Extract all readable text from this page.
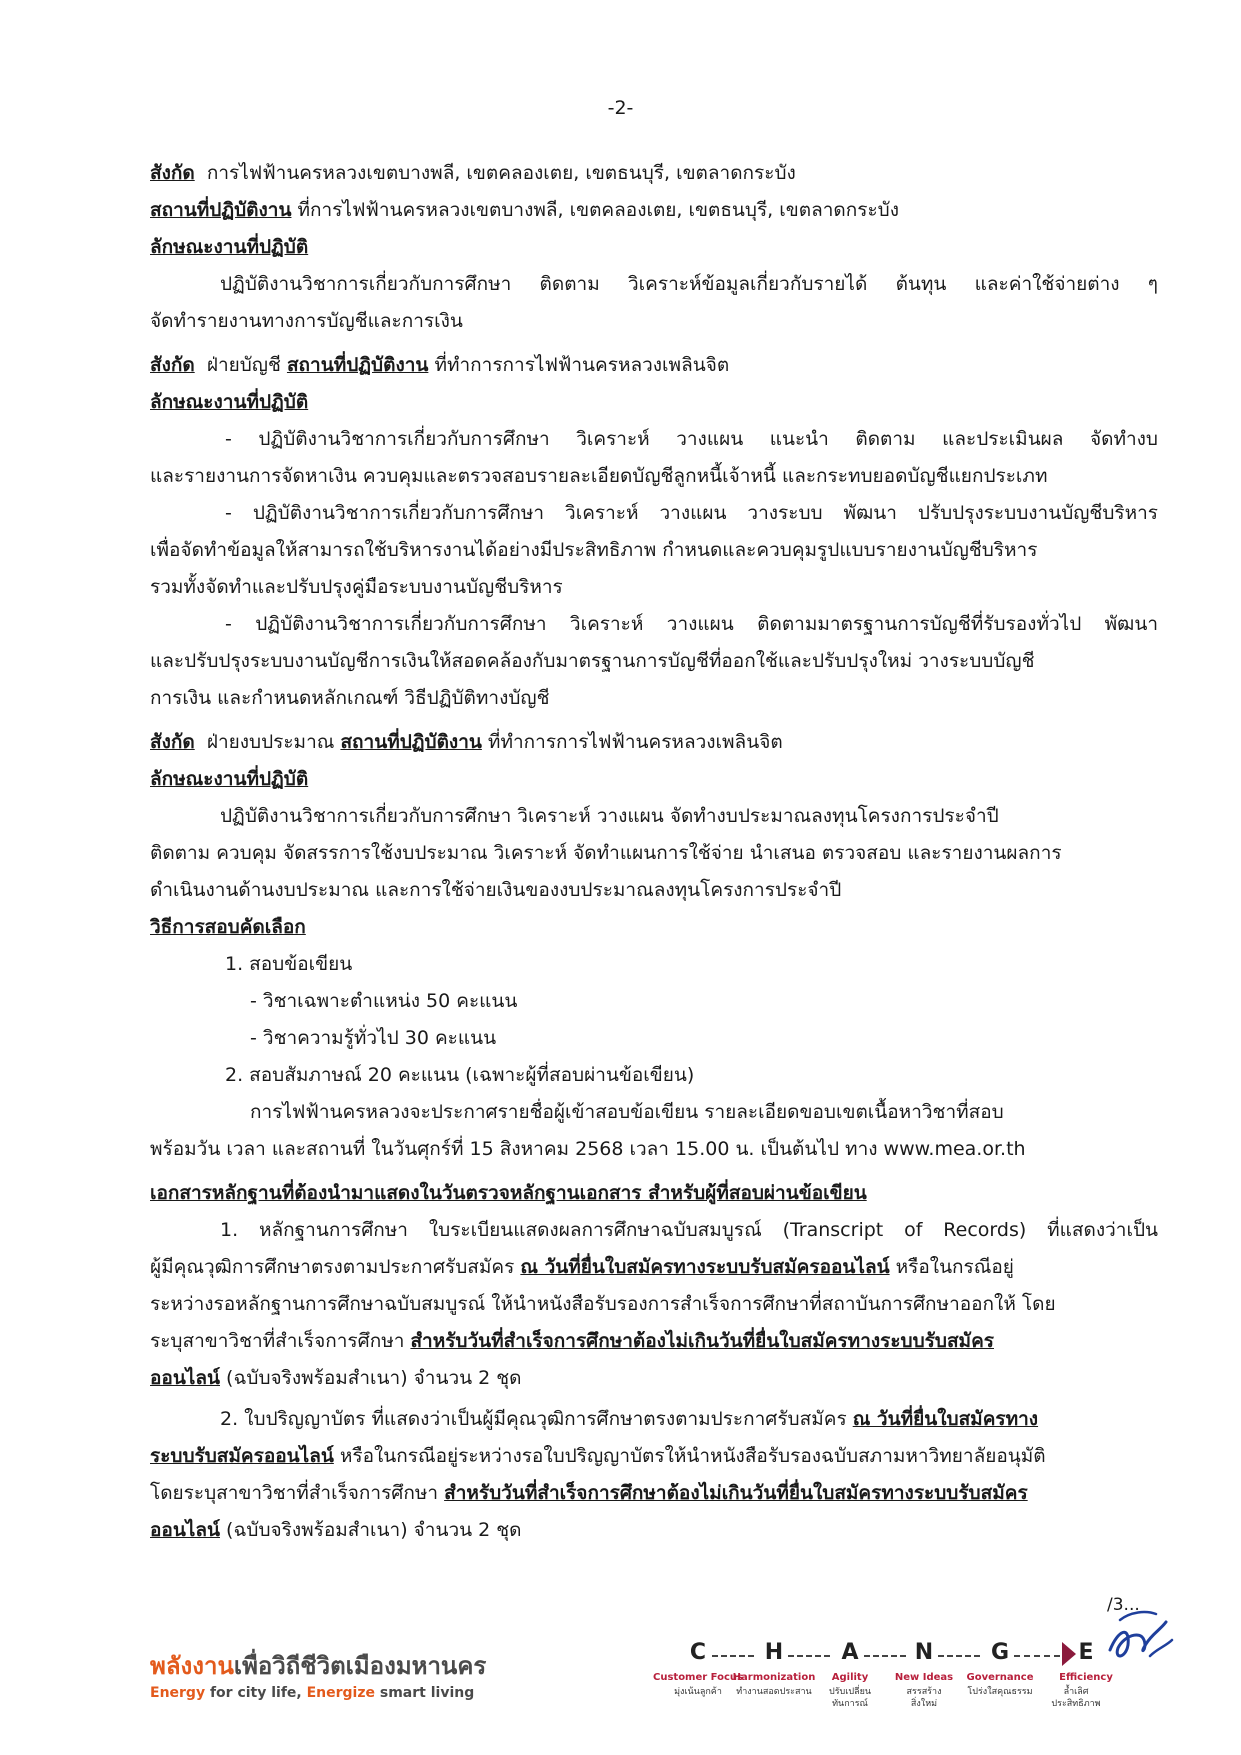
-2-
สังกัด การไฟฟ้านครหลวงเขตบางพลี, เขตคลองเตย, เขตธนบุรี, เขตลาดกระบัง
สถานที่ปฏิบัติงาน ที่การไฟฟ้านครหลวงเขตบางพลี, เขตคลองเตย, เขตธนบุรี, เขตลาดกระบัง
ลักษณะงานที่ปฏิบัติ
ปฏิบัติงานวิชาการเกี่ยวกับการศึกษา ติดตาม วิเคราะห์ข้อมูลเกี่ยวกับรายได้ ต้นทุน และค่าใช้จ่ายต่าง ๆ
จัดทำรายงานทางการบัญชีและการเงิน
สังกัด ฝ่ายบัญชี สถานที่ปฏิบัติงาน ที่ทำการการไฟฟ้านครหลวงเพลินจิต
ลักษณะงานที่ปฏิบัติ
- ปฏิบัติงานวิชาการเกี่ยวกับการศึกษา วิเคราะห์ วางแผน แนะนำ ติดตาม และประเมินผล จัดทำงบ
และรายงานการจัดหาเงิน ควบคุมและตรวจสอบรายละเอียดบัญชีลูกหนี้เจ้าหนี้ และกระทบยอดบัญชีแยกประเภท
- ปฏิบัติงานวิชาการเกี่ยวกับการศึกษา วิเคราะห์ วางแผน วางระบบ พัฒนา ปรับปรุงระบบงานบัญชีบริหาร
เพื่อจัดทำข้อมูลให้สามารถใช้บริหารงานได้อย่างมีประสิทธิภาพ กำหนดและควบคุมรูปแบบรายงานบัญชีบริหาร
รวมทั้งจัดทำและปรับปรุงคู่มือระบบงานบัญชีบริหาร
- ปฏิบัติงานวิชาการเกี่ยวกับการศึกษา วิเคราะห์ วางแผน ติดตามมาตรฐานการบัญชีที่รับรองทั่วไป พัฒนา
และปรับปรุงระบบงานบัญชีการเงินให้สอดคล้องกับมาตรฐานการบัญชีที่ออกใช้และปรับปรุงใหม่ วางระบบบัญชี
การเงิน และกำหนดหลักเกณฑ์ วิธีปฏิบัติทางบัญชี
สังกัด ฝ่ายงบประมาณ สถานที่ปฏิบัติงาน ที่ทำการการไฟฟ้านครหลวงเพลินจิต
ลักษณะงานที่ปฏิบัติ
ปฏิบัติงานวิชาการเกี่ยวกับการศึกษา วิเคราะห์ วางแผน จัดทำงบประมาณลงทุนโครงการประจำปี
ติดตาม ควบคุม จัดสรรการใช้งบประมาณ วิเคราะห์ จัดทำแผนการใช้จ่าย นำเสนอ ตรวจสอบ และรายงานผลการ
ดำเนินงานด้านงบประมาณ และการใช้จ่ายเงินของงบประมาณลงทุนโครงการประจำปี
วิธีการสอบคัดเลือก
1. สอบข้อเขียน
- วิชาเฉพาะตำแหน่ง 50 คะแนน
- วิชาความรู้ทั่วไป 30 คะแนน
2. สอบสัมภาษณ์ 20 คะแนน (เฉพาะผู้ที่สอบผ่านข้อเขียน)
การไฟฟ้านครหลวงจะประกาศรายชื่อผู้เข้าสอบข้อเขียน รายละเอียดขอบเขตเนื้อหาวิชาที่สอบ
พร้อมวัน เวลา และสถานที่ ในวันศุกร์ที่ 15 สิงหาคม 2568 เวลา 15.00 น. เป็นต้นไป ทาง www.mea.or.th
เอกสารหลักฐานที่ต้องนำมาแสดงในวันตรวจหลักฐานเอกสาร สำหรับผู้ที่สอบผ่านข้อเขียน
1. หลักฐานการศึกษา ใบระเบียนแสดงผลการศึกษาฉบับสมบูรณ์ (Transcript of Records) ที่แสดงว่าเป็น
ผู้มีคุณวุฒิการศึกษาตรงตามประกาศรับสมัคร ณ วันที่ยื่นใบสมัครทางระบบรับสมัครออนไลน์ หรือในกรณีอยู่
ระหว่างรอหลักฐานการศึกษาฉบับสมบูรณ์ ให้นำหนังสือรับรองการสำเร็จการศึกษาที่สถาบันการศึกษาออกให้ โดย
ระบุสาขาวิชาที่สำเร็จการศึกษา สำหรับวันที่สำเร็จการศึกษาต้องไม่เกินวันที่ยื่นใบสมัครทางระบบรับสมัคร
ออนไลน์ (ฉบับจริงพร้อมสำเนา) จำนวน 2 ชุด
2. ใบปริญญาบัตร ที่แสดงว่าเป็นผู้มีคุณวุฒิการศึกษาตรงตามประกาศรับสมัคร ณ วันที่ยื่นใบสมัครทาง
ระบบรับสมัครออนไลน์ หรือในกรณีอยู่ระหว่างรอใบปริญญาบัตรให้นำหนังสือรับรองฉบับสภามหาวิทยาลัยอนุมัติ
โดยระบุสาขาวิชาที่สำเร็จการศึกษา สำหรับวันที่สำเร็จการศึกษาต้องไม่เกินวันที่ยื่นใบสมัครทางระบบรับสมัคร
ออนไลน์ (ฉบับจริงพร้อมสำเนา) จำนวน 2 ชุด
/3...
พลังงานเพื่อวิถีชีวิตเมืองมหานคร
Energy for city life, Energize smart living
C	H	A	N	G	E
Customer Focus
Harmonization	Agility	New Ideas	Governance	Efficiency
มุ่งเน้นลูกค้า	ทำงานสอดประสาน	ปรับเปลี่ยน
ทันการณ์
สรรสร้าง
สิ่งใหม่
โปร่งใสคุณธรรม	ล้ำเลิศ
ประสิทธิภาพ
